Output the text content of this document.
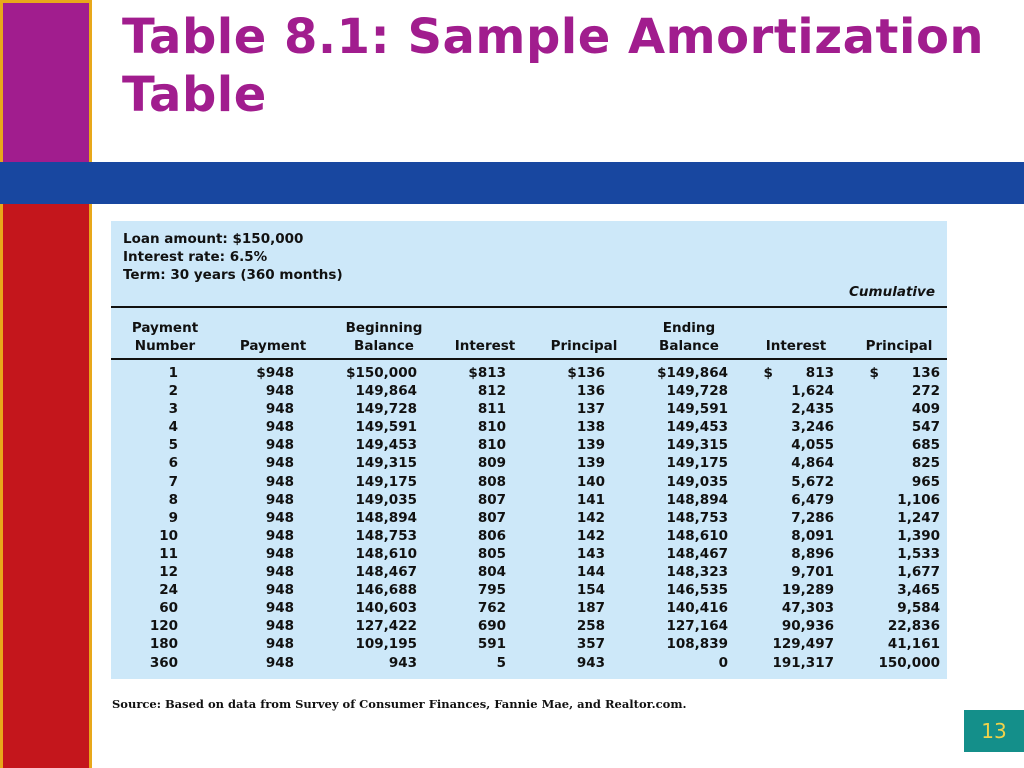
Table 8.1: Sample Amortization Table
Loan amount: $150,000
Interest rate: 6.5%
Term: 30 years (360 months)
Cumulative
Payment
Number
	Payment
Beginning
Balance
	Interest
	Principal
Ending
Balance
	Interest
	Principal
1	$948	$150,000	$813	$136	$149,864	$       813	$       136
2	948	149,864	812	136	149,728	1,624	272
3	948	149,728	811	137	149,591	2,435	409
4	948	149,591	810	138	149,453	3,246	547
5	948	149,453	810	139	149,315	4,055	685
6	948	149,315	809	139	149,175	4,864	825
7	948	149,175	808	140	149,035	5,672	965
8	948	149,035	807	141	148,894	6,479	1,106
9	948	148,894	807	142	148,753	7,286	1,247
10	948	148,753	806	142	148,610	8,091	1,390
11	948	148,610	805	143	148,467	8,896	1,533
12	948	148,467	804	144	148,323	9,701	1,677
24	948	146,688	795	154	146,535	19,289	3,465
60	948	140,603	762	187	140,416	47,303	9,584
120	948	127,422	690	258	127,164	90,936	22,836
180	948	109,195	591	357	108,839	129,497	41,161
360	948	943	5	943	0	191,317	150,000
Source: Based on data from Survey of Consumer Finances, Fannie Mae, and Realtor.com.
13
